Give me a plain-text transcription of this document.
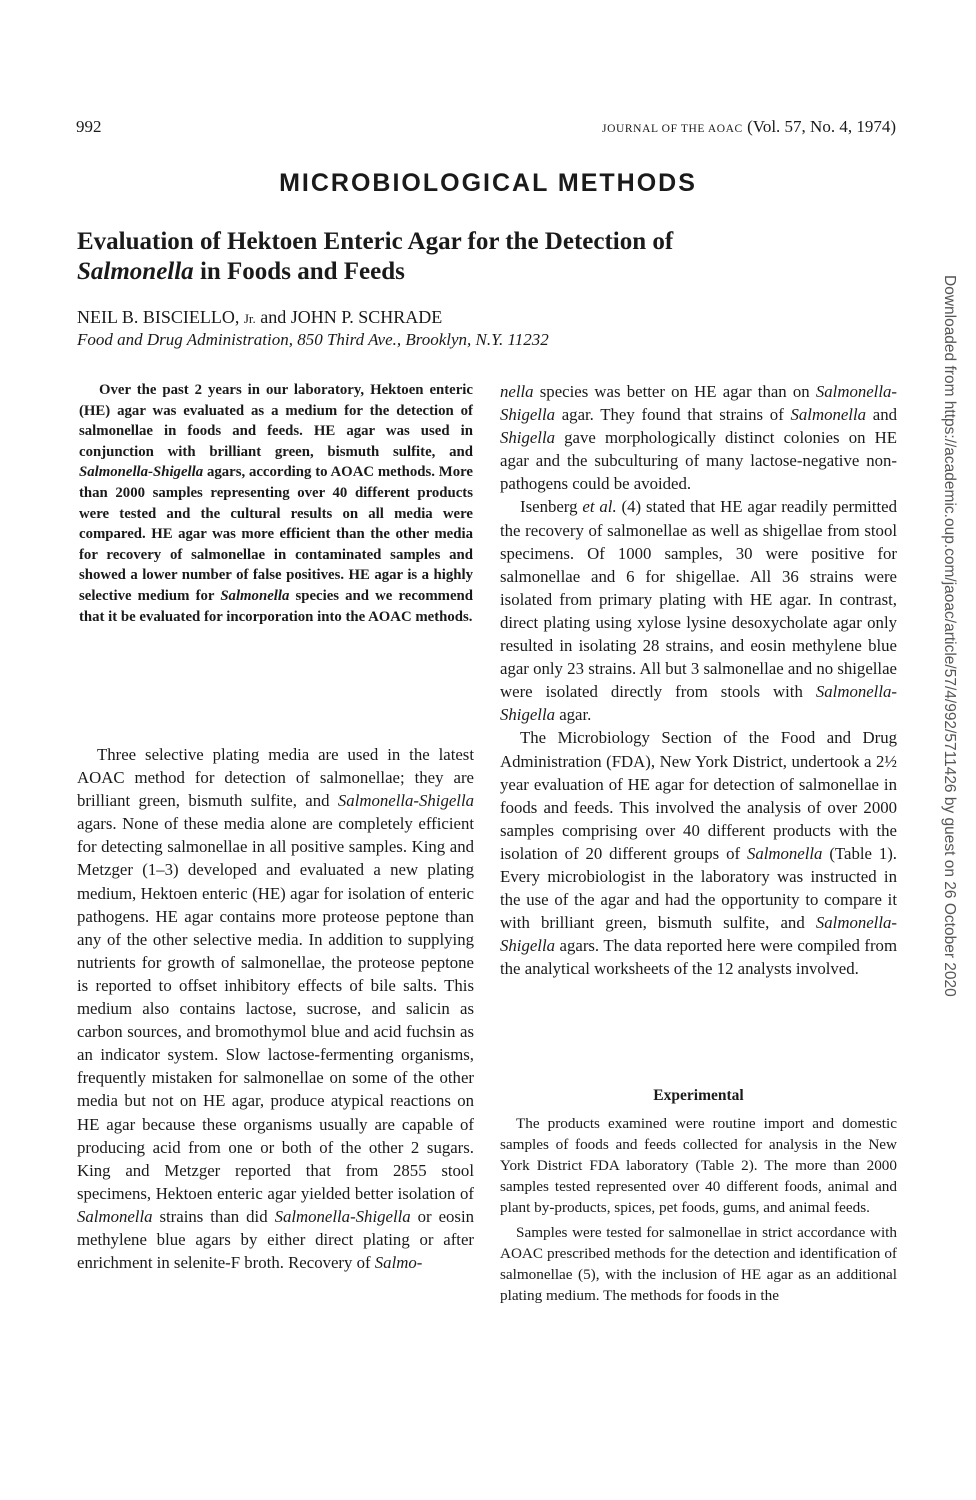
992	JOURNAL OF THE AOAC (Vol. 57, No. 4, 1974)
MICROBIOLOGICAL METHODS
Evaluation of Hektoen Enteric Agar for the Detection of
Salmonella in Foods and Feeds
NEIL B. BISCIELLO, Jr. and JOHN P. SCHRADE
Food and Drug Administration, 850 Third Ave., Brooklyn, N.Y. 11232	Downloaded from https://academic.oup.com/jaoac/article/57/4/992/5711426 by guest on 26 October 2020
Over the past 2 years in our laboratory, Hektoen enteric (HE) agar was evaluated as a medium for the detection of salmonellae in foods and feeds. HE agar was used in conjunction with brilliant green, bismuth sulfite, and Salmonella-Shigella agars, according to AOAC methods. More than 2000 samples representing over 40 different products were tested and the cultural results on all media were compared. HE agar was more efficient than the other media for recovery of salmonellae in contaminated samples and showed a lower number of false positives. HE agar is a highly selective medium for Salmonella species and we recommend that it be evaluated for incorporation into the AOAC methods.

Three selective plating media are used in the latest AOAC method for detection of salmonellae; they are brilliant green, bismuth sulfite, and Salmonella-Shigella agars. None of these media alone are completely efficient for detecting salmonellae in all positive samples. King and Metzger (1–3) developed and evaluated a new plating medium, Hektoen enteric (HE) agar for isolation of enteric pathogens. HE agar contains more proteose peptone than any of the other selective media. In addition to supplying nutrients for growth of salmonellae, the proteose peptone is reported to offset inhibitory effects of bile salts. This medium also contains lactose, sucrose, and salicin as carbon sources, and bromothymol blue and acid fuchsin as an indicator system. Slow lactose-fermenting organisms, frequently mistaken for salmonellae on some of the other media but not on HE agar, produce atypical reactions on HE agar because these organisms usually are capable of producing acid from one or both of the other 2 sugars. King and Metzger reported that from 2855 stool specimens, Hektoen enteric agar yielded better isolation of Salmonella strains than did Salmonella-Shigella or eosin methylene blue agars by either direct plating or after enrichment in selenite-F broth. Recovery of Salmo-

nella species was better on HE agar than on Salmonella-Shigella agar. They found that strains of Salmonella and Shigella gave morphologically distinct colonies on HE agar and the subculturing of many lactose-negative non-pathogens could be avoided.

Isenberg et al. (4) stated that HE agar readily permitted the recovery of salmonellae as well as shigellae from stool specimens. Of 1000 samples, 30 were positive for salmonellae and 6 for shigellae. All 36 strains were isolated from primary plating with HE agar. In contrast, direct plating using xylose lysine desoxycholate agar only resulted in isolating 28 strains, and eosin methylene blue agar only 23 strains. All but 3 salmonellae and no shigellae were isolated directly from stools with Salmonella-Shigella agar.

The Microbiology Section of the Food and Drug Administration (FDA), New York District, undertook a 2½ year evaluation of HE agar for detection of salmonellae in foods and feeds. This involved the analysis of over 2000 samples comprising over 40 different products with the isolation of 20 different groups of Salmonella (Table 1). Every microbiologist in the laboratory was instructed in the use of the agar and had the opportunity to compare it with brilliant green, bismuth sulfite, and Salmonella-Shigella agars. The data reported here were compiled from the analytical worksheets of the 12 analysts involved.

Experimental

The products examined were routine import and domestic samples of foods and feeds collected for analysis in the New York District FDA laboratory (Table 2). The more than 2000 samples tested represented over 40 different foods, animal and plant by-products, spices, pet foods, gums, and animal feeds.

Samples were tested for salmonellae in strict accordance with AOAC prescribed methods for the detection and identification of salmonellae (5), with the inclusion of HE agar as an additional plating medium. The methods for foods in the
